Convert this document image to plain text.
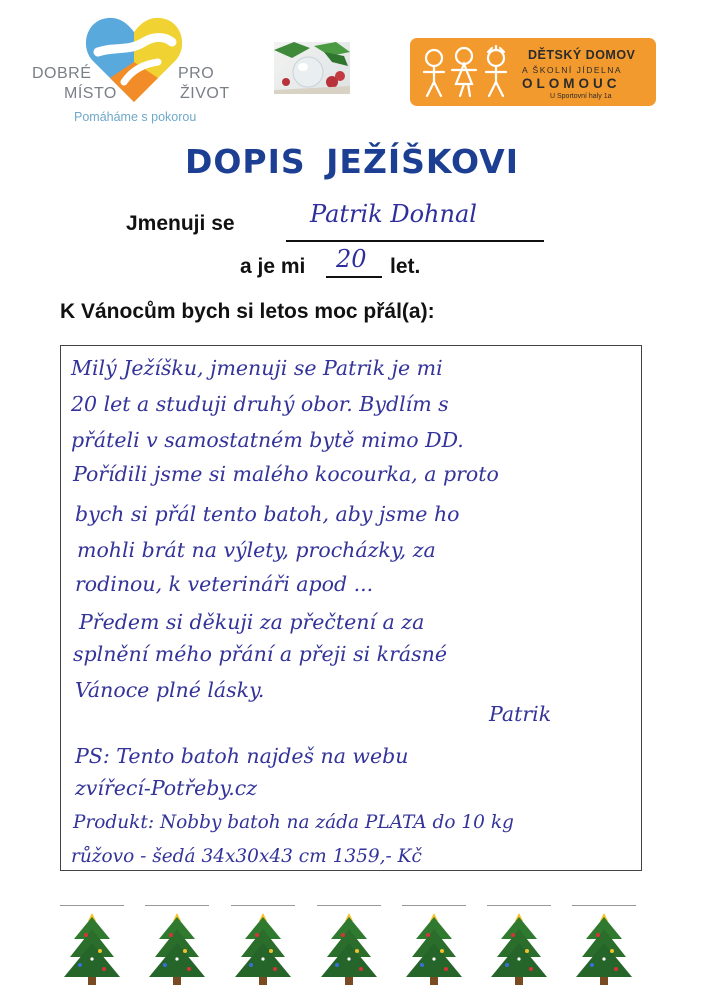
DOBRÉ
MÍSTO
PRO
ŽIVOT
Pomáháme s pokorou
DĚTSKÝ DOMOV
A ŠKOLNÍ JÍDELNA
OLOMOUC
U Sportovní haly 1a
DOPIS JEŽÍŠKOVI
Jmenuji se	Patrik Dohnal
a je mi 20 let.
K Vánocům bych si letos moc přál(a):
Milý Ježíšku, jmenuji se Patrik je mi
20 let a studuji druhý obor. Bydlím s
přáteli v samostatném bytě mimo DD.
Pořídili jsme si malého kocourka, a proto
bych si přál tento batoh, aby jsme ho
mohli brát na výlety, procházky, za
rodinou, k veterináři apod ...
Předem si děkuji za přečtení a za
splnění mého přání a přeji si krásné
Vánoce plné lásky.
Patrik
PS: Tento batoh najdeš na webu
zvířecí-Potřeby.cz
Produkt: Nobby batoh na záda PLATA do 10 kg
růžovo - šedá 34x30x43 cm 1359,- Kč
